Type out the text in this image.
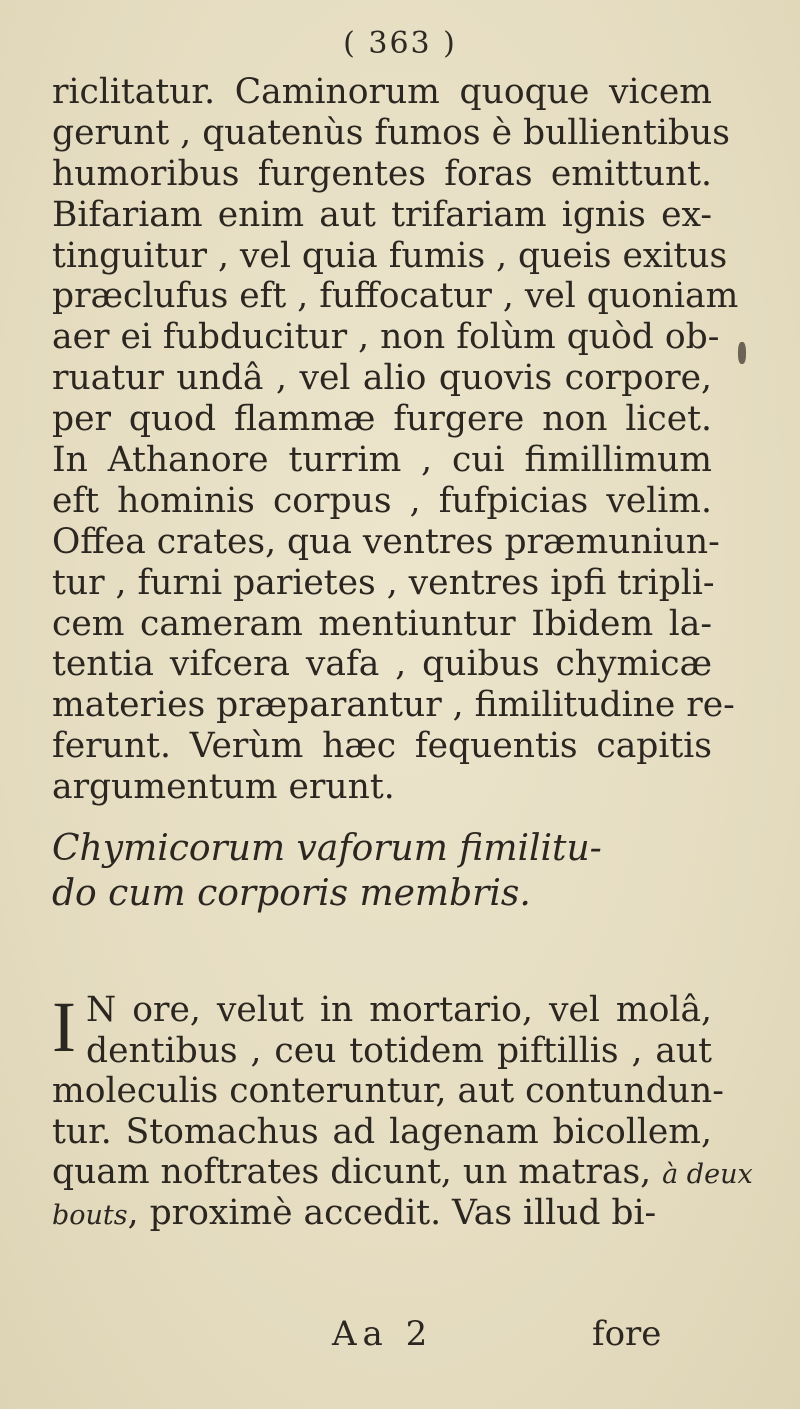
( 363 )
riclitatur. Caminorum quoque vicem
gerunt , quatenùs fumos è bullientibus
humoribus furgentes foras emittunt.
Bifariam enim aut trifariam ignis ex-
tinguitur , vel quia fumis , queis exitus
præclufus eft , fuffocatur , vel quoniam
aer ei fubducitur , non folùm quòd ob-
ruatur undâ , vel alio quovis corpore,
per quod flammæ furgere non licet.
In Athanore turrim , cui fimillimum
eft hominis corpus , fufpicias velim.
Offea crates, qua ventres præmuniun-
tur , furni parietes , ventres ipfi tripli-
cem cameram mentiuntur Ibidem la-
tentia vifcera vafa , quibus chymicæ
materies præparantur , fimilitudine re-
ferunt. Verùm hæc fequentis capitis
argumentum erunt.
Chymicorum vaforum fimilitu-
do cum corporis membris.
I N ore, velut in mortario, vel molâ,
dentibus , ceu totidem piftillis , aut
moleculis conteruntur, aut contundun-
tur. Stomachus ad lagenam bicollem,
quam noftrates dicunt, un matras, à deux
bouts, proximè accedit. Vas illud bi-
Aa 2	fore
